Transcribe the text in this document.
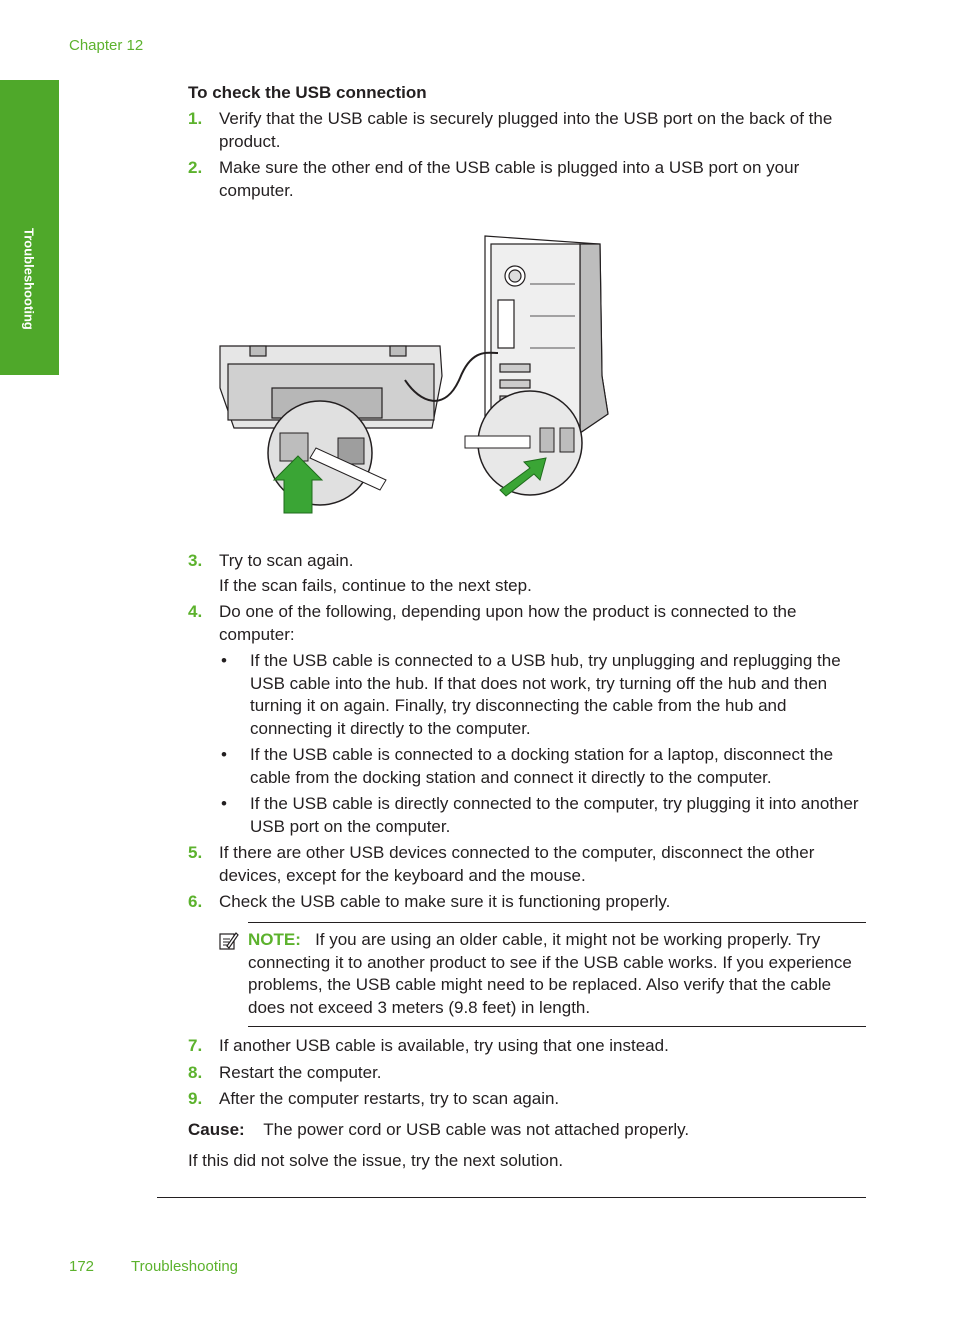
Chapter 12
Troubleshooting
To check the USB connection
1. Verify that the USB cable is securely plugged into the USB port on the back of the product.
2. Make sure the other end of the USB cable is plugged into a USB port on your computer.
3. Try to scan again.
If the scan fails, continue to the next step.
4. Do one of the following, depending upon how the product is connected to the computer:
• If the USB cable is connected to a USB hub, try unplugging and replugging the USB cable into the hub. If that does not work, try turning off the hub and then turning it on again. Finally, try disconnecting the cable from the hub and connecting it directly to the computer.
• If the USB cable is connected to a docking station for a laptop, disconnect the cable from the docking station and connect it directly to the computer.
• If the USB cable is directly connected to the computer, try plugging it into another USB port on the computer.
5. If there are other USB devices connected to the computer, disconnect the other devices, except for the keyboard and the mouse.
6. Check the USB cable to make sure it is functioning properly.
NOTE: If you are using an older cable, it might not be working properly. Try connecting it to another product to see if the USB cable works. If you experience problems, the USB cable might need to be replaced. Also verify that the cable does not exceed 3 meters (9.8 feet) in length.
7. If another USB cable is available, try using that one instead.
8. Restart the computer.
9. After the computer restarts, try to scan again.
Cause: The power cord or USB cable was not attached properly.
If this did not solve the issue, try the next solution.
172 Troubleshooting
